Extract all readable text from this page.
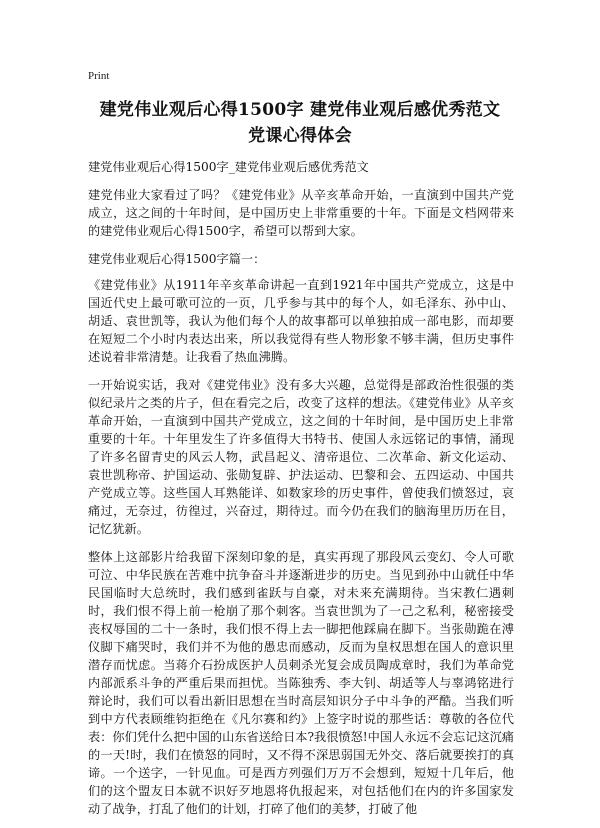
Print
建党伟业观后心得1500字 建党伟业观后感优秀范文 党课心得体会

建党伟业观后心得1500字_建党伟业观后感优秀范文

建党伟业大家看过了吗？《建党伟业》从辛亥革命开始，一直演到中国共产党成立，这之间的十年时间，是中国历史上非常重要的十年。下面是文档网带来的建党伟业观后心得1500字，希望可以帮到大家。

建党伟业观后心得1500字篇一：

《建党伟业》从1911年辛亥革命讲起一直到1921年中国共产党成立，这是中国近代史上最可歌可泣的一页，几乎参与其中的每个人，如毛泽东、孙中山、胡适、袁世凯等，我认为他们每个人的故事都可以单独拍成一部电影，而却要在短短二个小时内表达出来，所以我觉得有些人物形象不够丰满，但历史事件述说着非常清楚。让我看了热血沸腾。

一开始说实话，我对《建党伟业》没有多大兴趣，总觉得是部政治性很强的类似纪录片之类的片子，但在看完之后，改变了这样的想法。《建党伟业》从辛亥革命开始，一直演到中国共产党成立，这之间的十年时间，是中国历史上非常重要的十年。十年里发生了许多值得大书特书、使国人永远铭记的事情，涌现了许多名留青史的风云人物，武昌起义、清帝退位、二次革命、新文化运动、袁世凯称帝、护国运动、张勋复辟、护法运动、巴黎和会、五四运动、中国共产党成立等。这些国人耳熟能详、如数家珍的历史事件，曾使我们愤怒过，哀痛过，无奈过，彷徨过，兴奋过，期待过。而今仍在我们的脑海里历历在目，记忆犹新。

整体上这部影片给我留下深刻印象的是，真实再现了那段风云变幻、令人可歌可泣、中华民族在苦难中抗争奋斗并逐渐进步的历史。当见到孙中山就任中华民国临时大总统时，我们感到雀跃与自豪，对未来充满期待。当宋教仁遇刺时，我们恨不得上前一枪崩了那个刺客。当袁世凯为了一己之私利，秘密接受丧权辱国的二十一条时，我们恨不得上去一脚把他踩扁在脚下。当张勋跪在溥仪脚下痛哭时，我们并不为他的愚忠而感动，反而为皇权思想在国人的意识里潜存而忧虑。当蒋介石扮成医护人员刺杀光复会成员陶成章时，我们为革命党内部派系斗争的严重后果而担忧。当陈独秀、李大钊、胡适等人与辜鸿铭进行辩论时，我们可以看出新旧思想在当时高层知识分子中斗争的严酷。当我们听到中方代表顾维钧拒绝在《凡尔赛和约》上签字时说的那些话：尊敬的各位代表：你们凭什么把中国的山东省送给日本?我很愤怒!中国人永远不会忘记这沉痛的一天!时，我们在愤怒的同时，又不得不深思弱国无外交、落后就要挨打的真谛。一个送字，一针见血。可是西方列强们万万不会想到，短短十几年后，他们的这个盟友日本就不识好歹地恩将仇报起来，对包括他们在内的许多国家发动了战争，打乱了他们的计划，打碎了他们的美梦，打破了他
